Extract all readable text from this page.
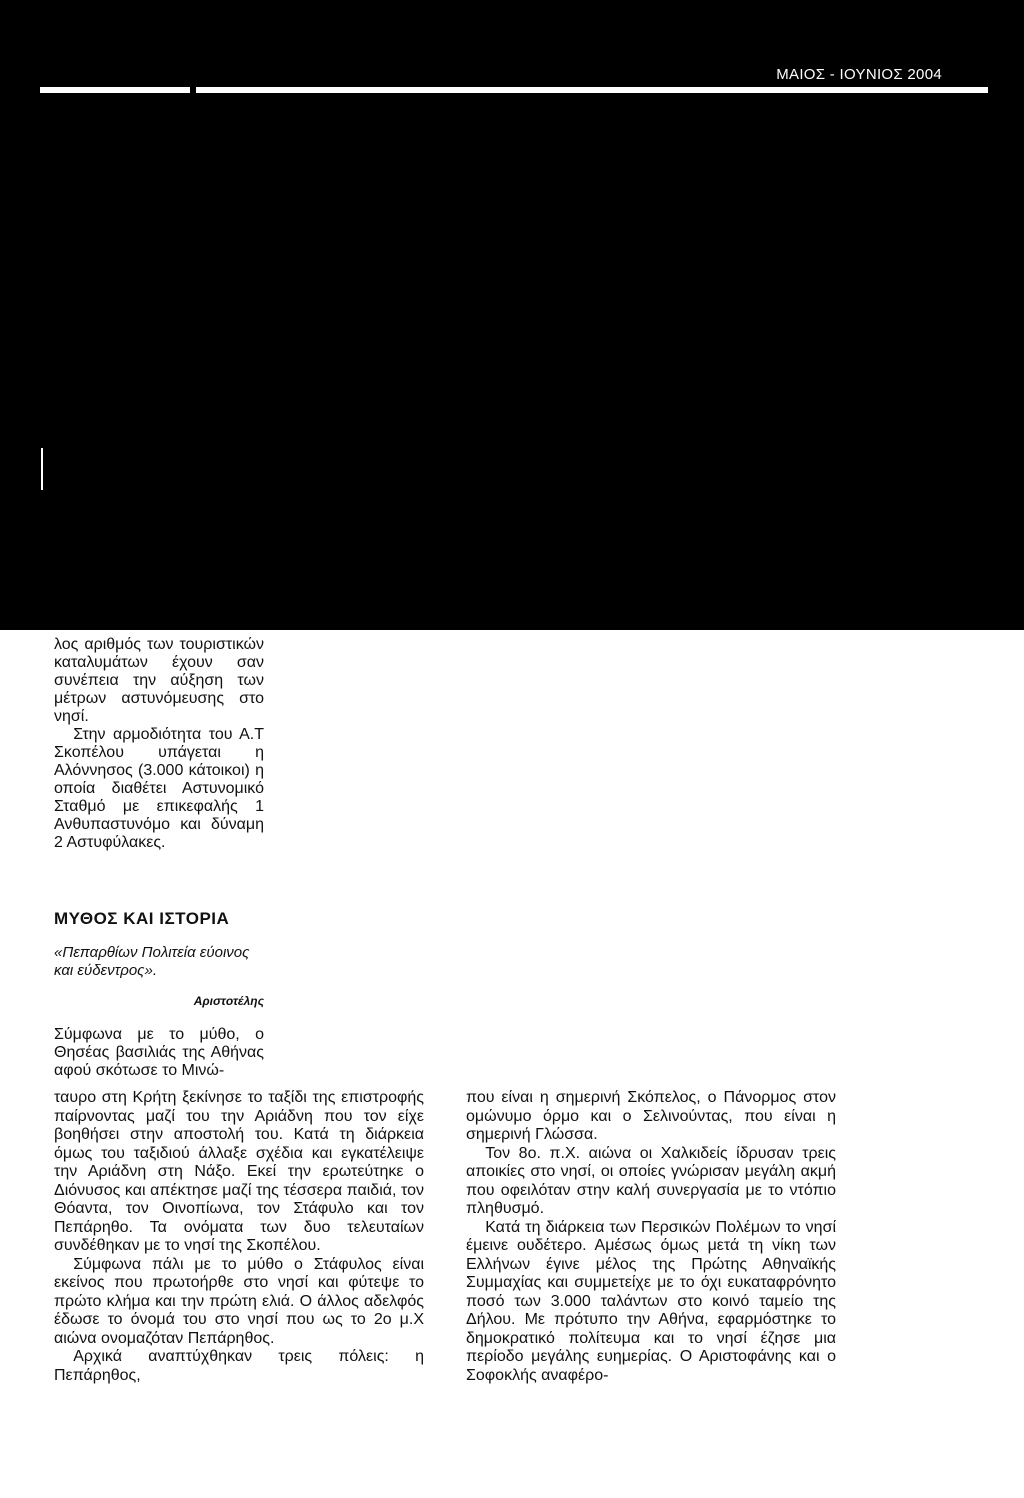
ΜΑΙΟΣ - ΙΟΥΝΙΟΣ 2004

λος αριθμός των τουριστικών καταλυμάτων έχουν σαν συνέπεια την αύξηση των μέτρων αστυνόμευσης στο νησί.

Στην αρμοδιότητα του Α.Τ Σκοπέλου υπάγεται η Αλόννησος (3.000 κάτοικοι) η οποία διαθέτει Αστυνομικό Σταθμό με επικεφαλής 1 Ανθυπαστυνόμο και δύναμη 2 Αστυφύλακες.

ΜΥΘΟΣ ΚΑΙ ΙΣΤΟΡΙΑ
«Πεπαρθίων Πολιτεία εύοινος και εύδεντρος».
Αριστοτέλης

Σύμφωνα με το μύθο, ο Θησέας βασιλιάς της Αθήνας αφού σκότωσε το Μινώ-

ταυρο στη Κρήτη ξεκίνησε το ταξίδι της επιστροφής παίρνοντας μαζί του την Αριάδνη που τον είχε βοηθήσει στην αποστολή του. Κατά τη διάρκεια όμως του ταξιδιού άλλαξε σχέδια και εγκατέλειψε την Αριάδνη στη Νάξο. Εκεί την ερωτεύτηκε ο Διόνυσος και απέκτησε μαζί της τέσσερα παιδιά, τον Θόαντα, τον Οινοπίωνα, τον Στάφυλο και τον Πεπάρηθο. Τα ονόματα των δυο τελευταίων συνδέθηκαν με το νησί της Σκοπέλου.

Σύμφωνα πάλι με το μύθο ο Στάφυλος είναι εκείνος που πρωτοήρθε στο νησί και φύτεψε το πρώτο κλήμα και την πρώτη ελιά. Ο άλλος αδελφός έδωσε το όνομά του στο νησί που ως το 2ο μ.Χ αιώνα ονομαζόταν Πεπάρηθος.

Αρχικά αναπτύχθηκαν τρεις πόλεις: η Πεπάρηθος,

που είναι η σημερινή Σκόπελος, ο Πάνορμος στον ομώνυμο όρμο και ο Σελινούντας, που είναι η σημερινή Γλώσσα.

Τον 8ο. π.Χ. αιώνα οι Χαλκιδείς ίδρυσαν τρεις αποικίες στο νησί, οι οποίες γνώρισαν μεγάλη ακμή που οφειλόταν στην καλή συνεργασία με το ντόπιο πληθυσμό.

Κατά τη διάρκεια των Περσικών Πολέμων το νησί έμεινε ουδέτερο. Αμέσως όμως μετά τη νίκη των Ελλήνων έγινε μέλος της Πρώτης Αθηναϊκής Συμμαχίας και συμμετείχε με το όχι ευκαταφρόνητο ποσό των 3.000 ταλάντων στο κοινό ταμείο της Δήλου. Με πρότυπο την Αθήνα, εφαρμόστηκε το δημοκρατικό πολίτευμα και το νησί έζησε μια περίοδο μεγάλης ευημερίας. Ο Αριστοφάνης και ο Σοφοκλής αναφέρο-
